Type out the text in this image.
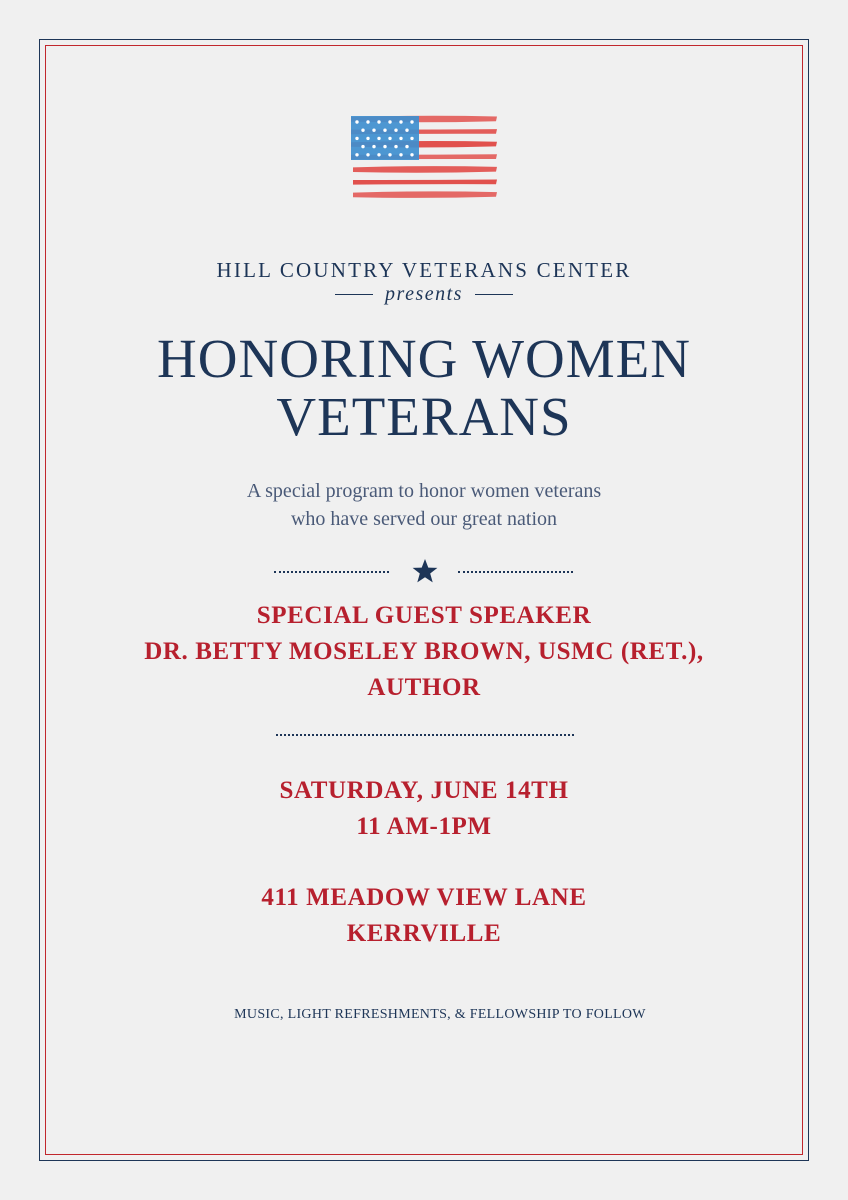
HILL COUNTRY VETERANS CENTER
presents
HONORING WOMEN
VETERANS
A special program to honor women veterans
who have served our great nation
SPECIAL GUEST SPEAKER
DR. BETTY MOSELEY BROWN, USMC (RET.),
AUTHOR
SATURDAY, JUNE 14TH
11 AM-1PM
411 MEADOW VIEW LANE
KERRVILLE
MUSIC, LIGHT REFRESHMENTS, & FELLOWSHIP TO FOLLOW
